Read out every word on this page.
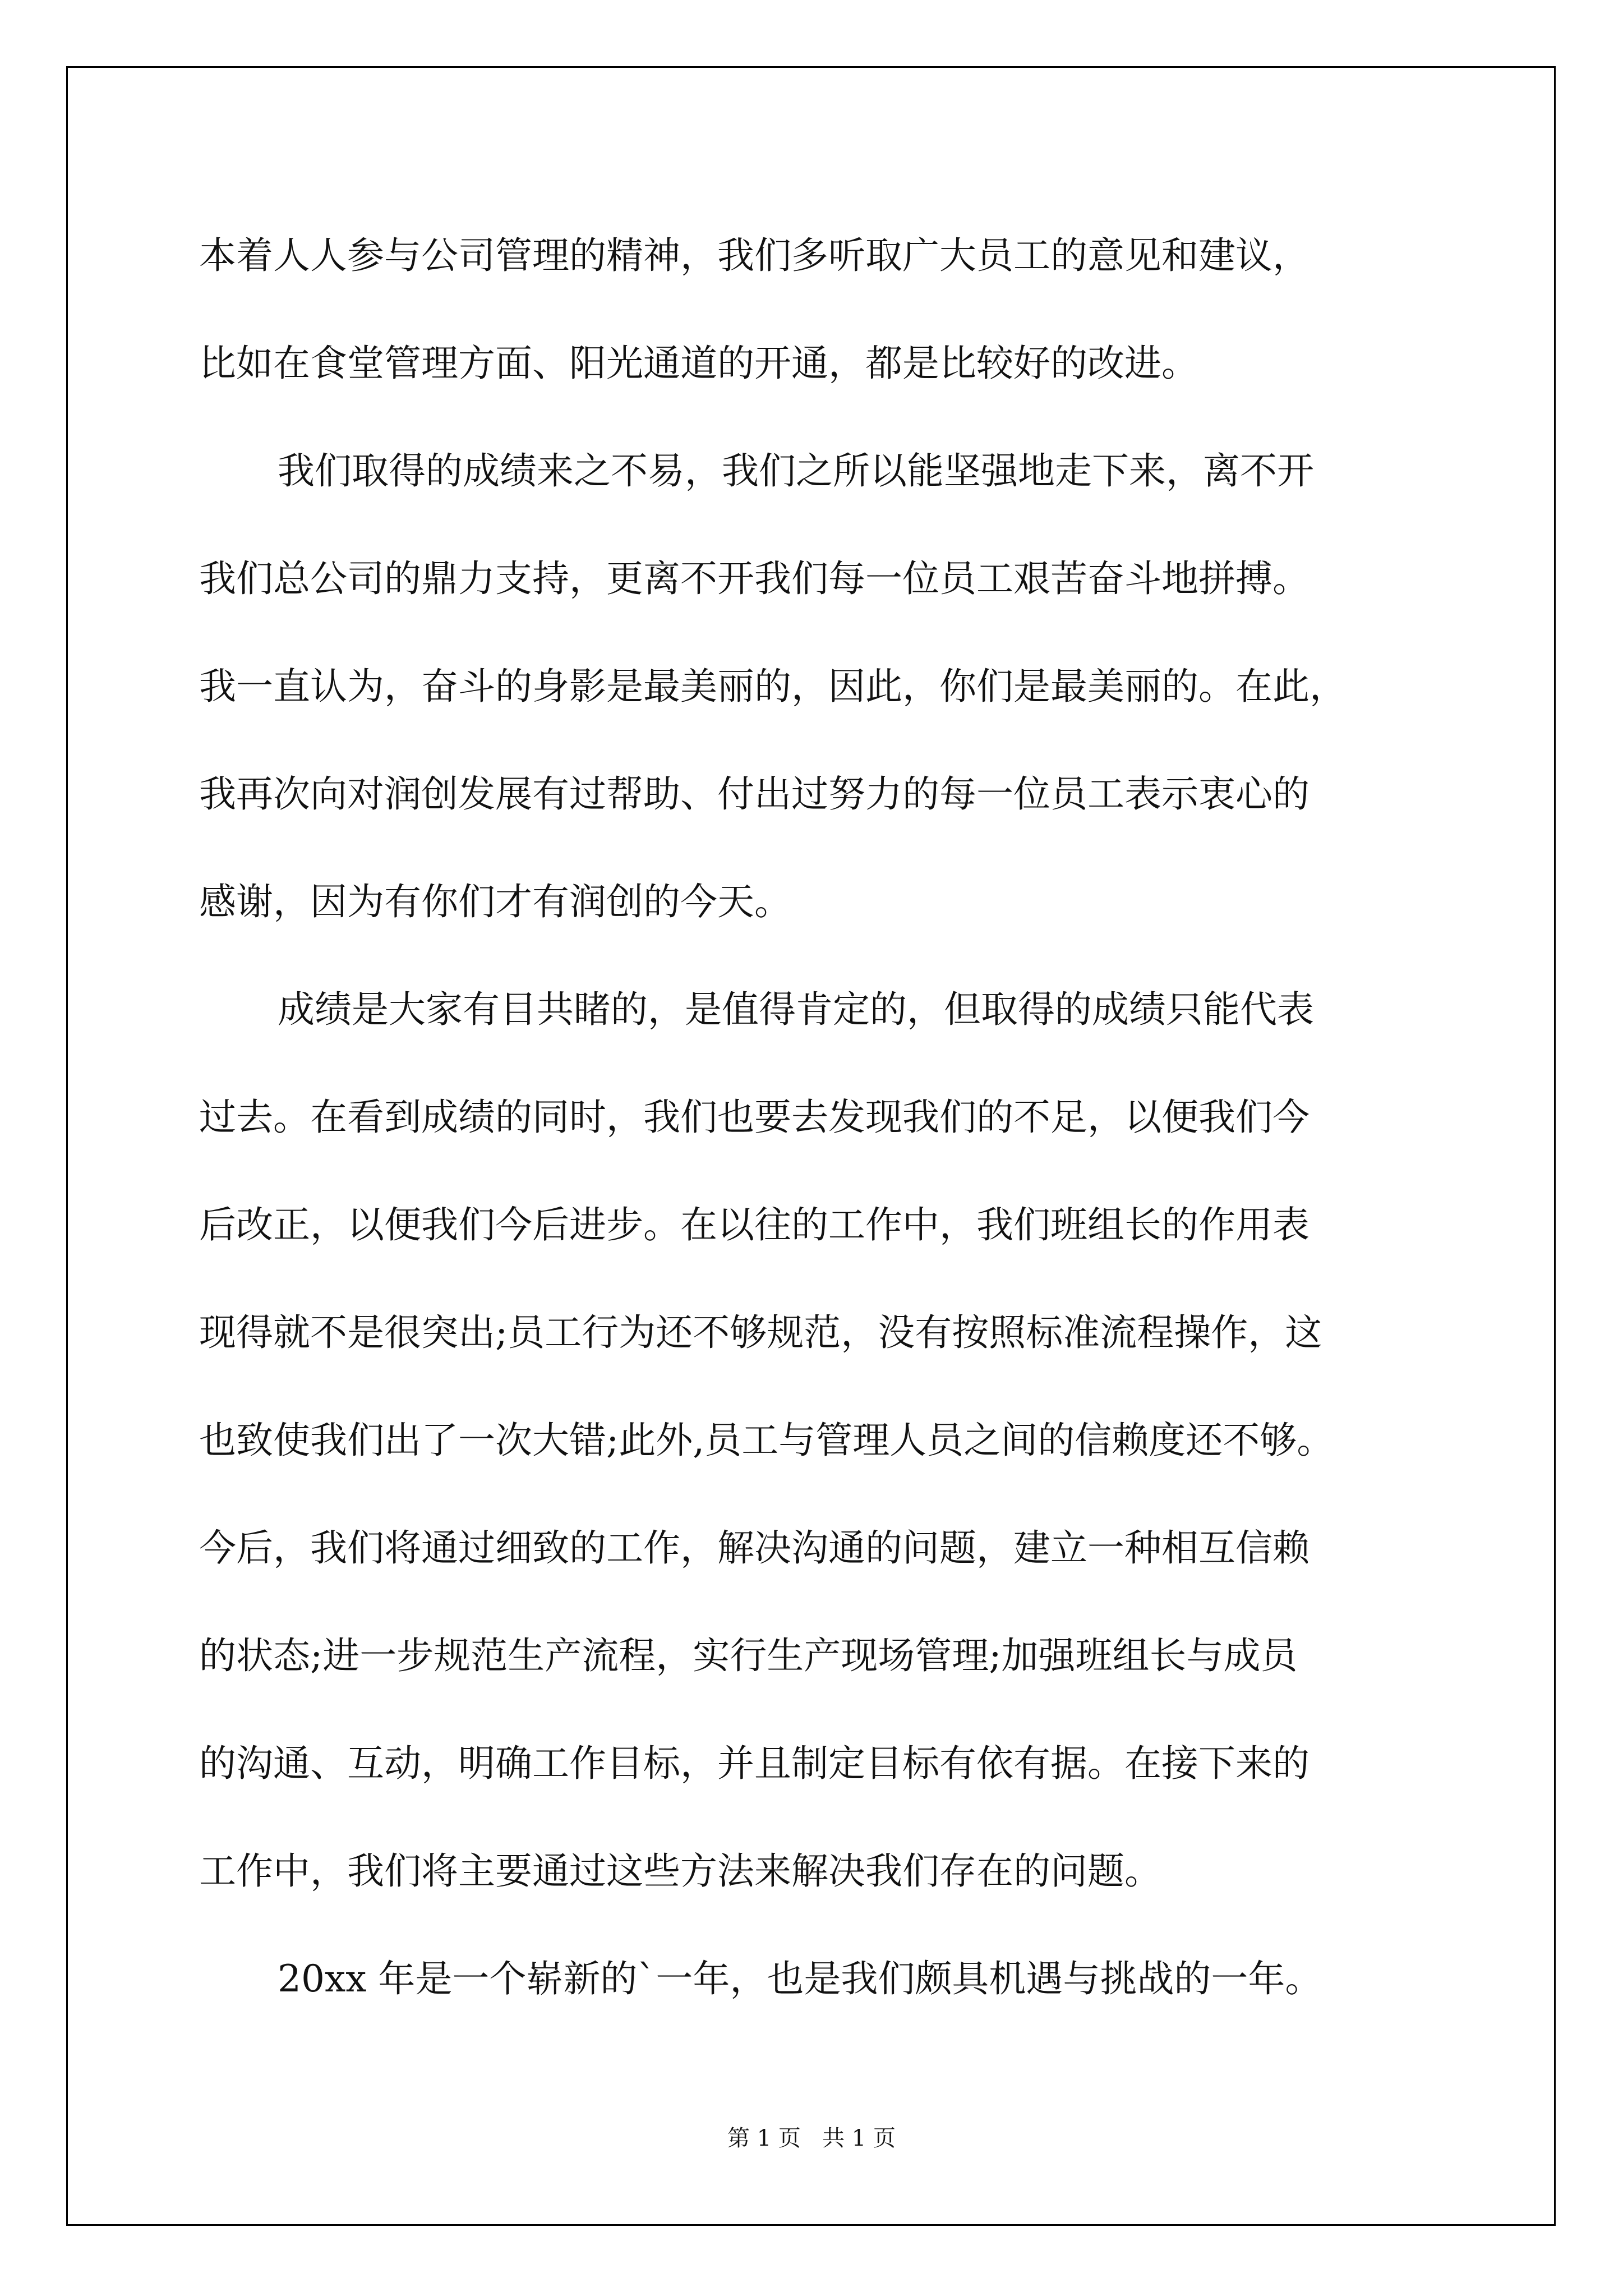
本着人人参与公司管理的精神，我们多听取广大员工的意见和建议，
比如在食堂管理方面、阳光通道的开通，都是比较好的改进。
我们取得的成绩来之不易，我们之所以能坚强地走下来，离不开
我们总公司的鼎力支持，更离不开我们每一位员工艰苦奋斗地拼搏。
我一直认为，奋斗的身影是最美丽的，因此，你们是最美丽的。在此，
我再次向对润创发展有过帮助、付出过努力的每一位员工表示衷心的
感谢，因为有你们才有润创的今天。
成绩是大家有目共睹的，是值得肯定的，但取得的成绩只能代表
过去。在看到成绩的同时，我们也要去发现我们的不足，以便我们今
后改正，以便我们今后进步。在以往的工作中，我们班组长的作用表
现得就不是很突出;员工行为还不够规范，没有按照标准流程操作，这
也致使我们出了一次大错;此外,员工与管理人员之间的信赖度还不够。
今后，我们将通过细致的工作，解决沟通的问题，建立一种相互信赖
的状态;进一步规范生产流程，实行生产现场管理;加强班组长与成员
的沟通、互动，明确工作目标，并且制定目标有依有据。在接下来的
工作中，我们将主要通过这些方法来解决我们存在的问题。
20xx 年是一个崭新的`一年，也是我们颇具机遇与挑战的一年。
第 1 页   共 1 页
